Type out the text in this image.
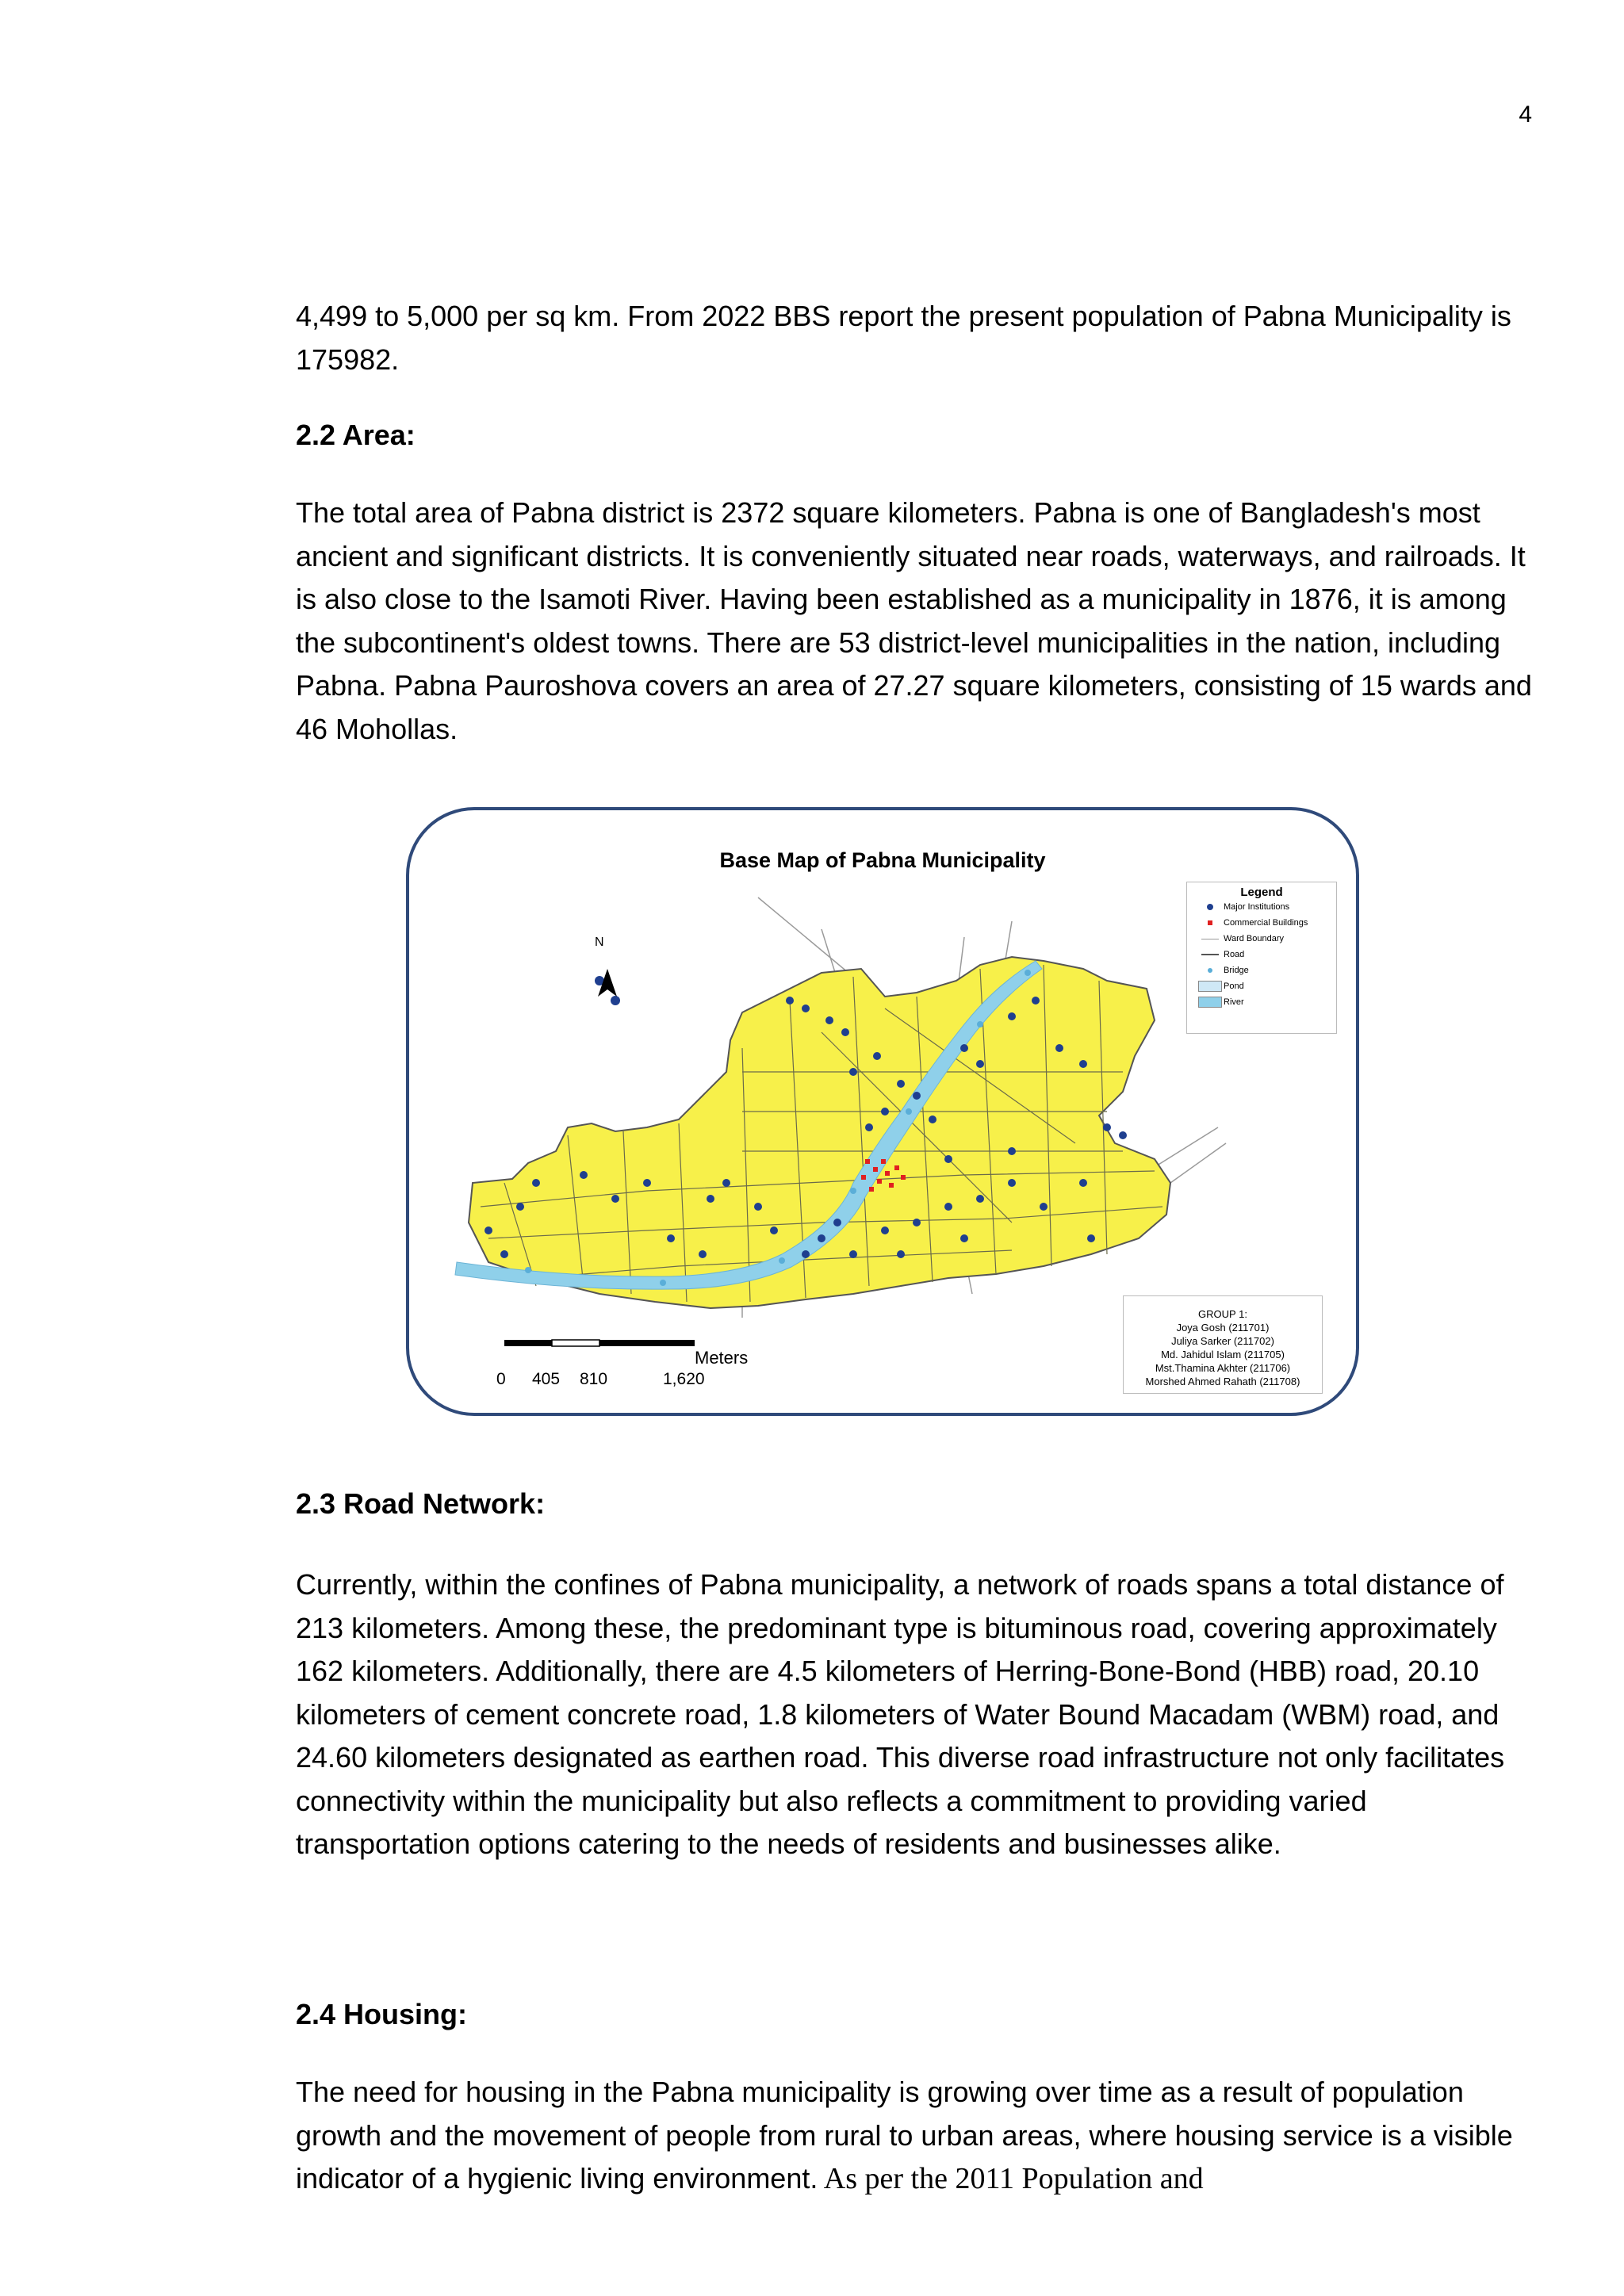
4

4,499 to 5,000 per sq km. From 2022 BBS report the present population of Pabna Municipality is 175982.

2.2 Area:

The total area of Pabna district is 2372 square kilometers. Pabna is one of Bangladesh's most ancient and significant districts. It is conveniently situated near roads, waterways, and railroads. It is also close to the Isamoti River. Having been established as a municipality in 1876, it is among the subcontinent's oldest towns. There are 53 district-level municipalities in the nation, including Pabna. Pabna Pauroshova covers an area of 27.27 square kilometers, consisting of 15 wards and 46 Mohollas.

Base Map of Pabna Municipality
N
Legend
Major Institutions
Commercial Buildings
Ward Boundary
Road
Bridge
Pond
River
Meters
0 405 810	1,620
GROUP 1:
Joya Gosh (211701)
Juliya Sarker (211702)
Md. Jahidul Islam (211705)
Mst.Thamina Akhter (211706)
Morshed Ahmed Rahath (211708)
2.3 Road Network:

Currently, within the confines of Pabna municipality, a network of roads spans a total distance of 213 kilometers. Among these, the predominant type is bituminous road, covering approximately 162 kilometers. Additionally, there are 4.5 kilometers of Herring-Bone-Bond (HBB) road, 20.10 kilometers of cement concrete road, 1.8 kilometers of Water Bound Macadam (WBM) road, and 24.60 kilometers designated as earthen road. This diverse road infrastructure not only facilitates connectivity within the municipality but also reflects a commitment to providing varied transportation options catering to the needs of residents and businesses alike.

2.4 Housing:

The need for housing in the Pabna municipality is growing over time as a result of population growth and the movement of people from rural to urban areas, where housing service is a visible indicator of a hygienic living environment. As per the 2011 Population and
